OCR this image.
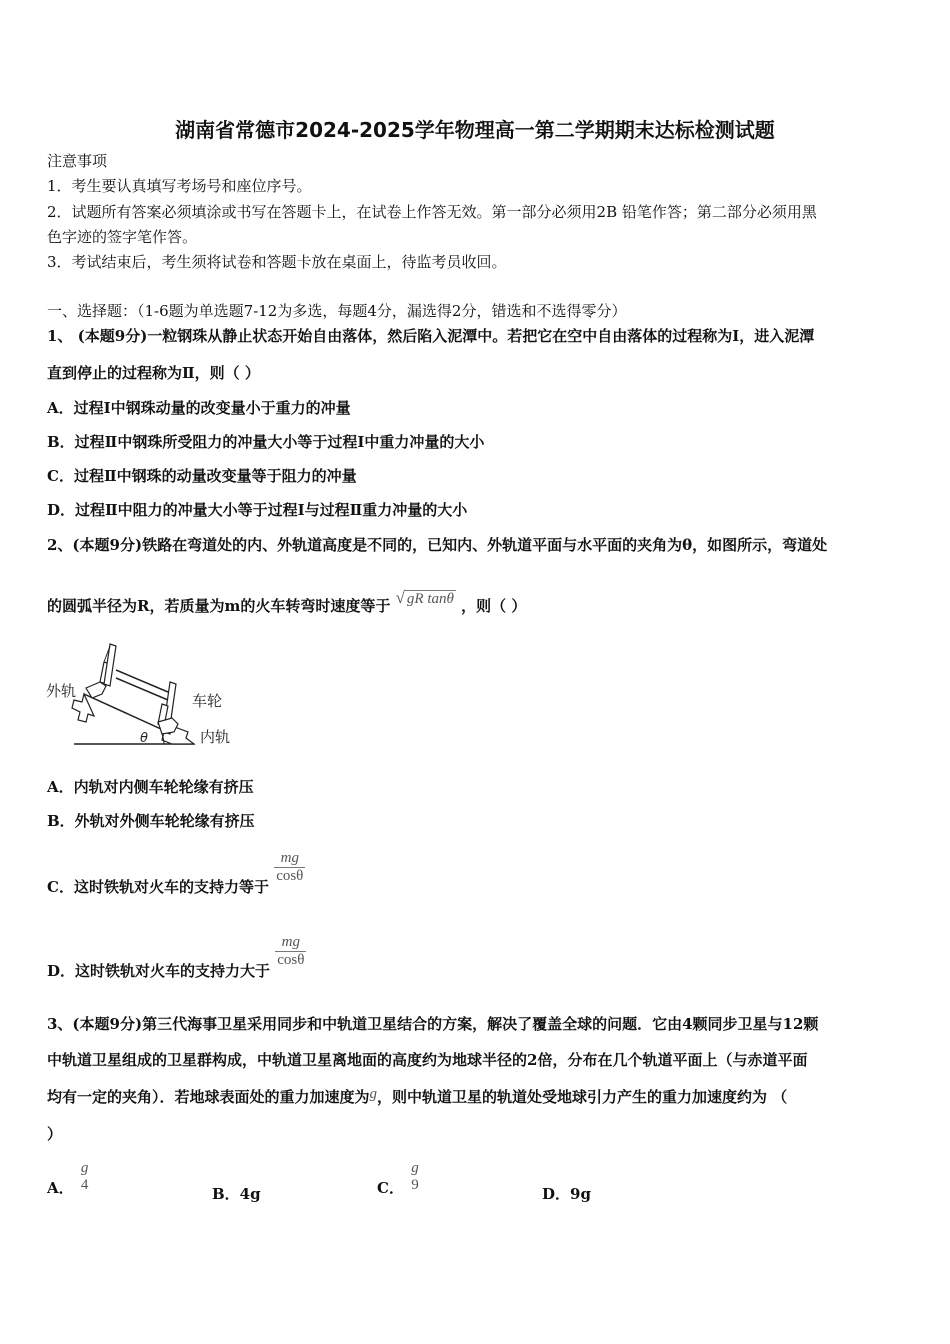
湖南省常德市2024-2025学年物理高一第二学期期末达标检测试题
注意事项
1．考生要认真填写考场号和座位序号。
2．试题所有答案必须填涂或书写在答题卡上，在试卷上作答无效。第一部分必须用2B 铅笔作答；第二部分必须用黑
色字迹的签字笔作答。
3．考试结束后，考生须将试卷和答题卡放在桌面上，待监考员收回。
一、选择题：（1-6题为单选题7-12为多选，每题4分，漏选得2分，错选和不选得零分）
1、 (本题9分)一粒钢珠从静止状态开始自由落体，然后陷入泥潭中。若把它在空中自由落体的过程称为Ⅰ，进入泥潭
直到停止的过程称为Ⅱ，则（ ）
A．过程Ⅰ中钢珠动量的改变量小于重力的冲量
B．过程Ⅱ中钢珠所受阻力的冲量大小等于过程Ⅰ中重力冲量的大小
C．过程Ⅱ中钢珠的动量改变量等于阻力的冲量
D．过程Ⅱ中阻力的冲量大小等于过程Ⅰ与过程Ⅱ重力冲量的大小
2、(本题9分)铁路在弯道处的内、外轨道高度是不同的，已知内、外轨道平面与水平面的夹角为θ，如图所示，弯道处
的圆弧半径为R，若质量为m的火车转弯时速度等于 √ gR tanθ ，则（ ）
外轨
车轮
内轨
θ
A．内轨对内侧车轮轮缘有挤压
B．外轨对外侧车轮轮缘有挤压
C．这时铁轨对火车的支持力等于
$\frac{mg}{\cos\theta}$
D．这时铁轨对火车的支持力大于
$\frac{mg}{\cos\theta}$
3、(本题9分)第三代海事卫星采用同步和中轨道卫星结合的方案，解决了覆盖全球的问题．它由4颗同步卫星与12颗
中轨道卫星组成的卫星群构成，中轨道卫星离地面的高度约为地球半径的2倍，分布在几个轨道平面上（与赤道平面
均有一定的夹角）．若地球表面处的重力加速度为g，则中轨道卫星的轨道处受地球引力产生的重力加速度约为 （
）
A．
g
4	B．4g	C．
g
9	D．9g
